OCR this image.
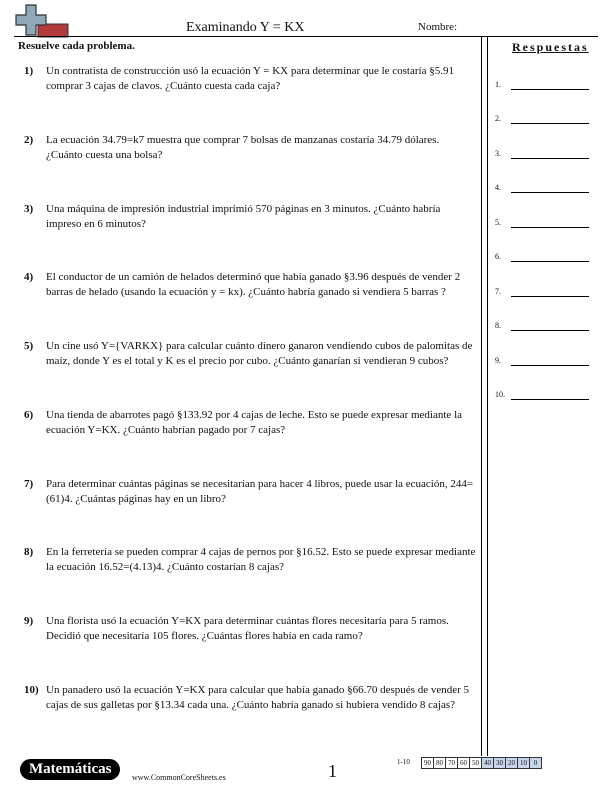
Examinando Y = KX	Nombre:
Resuelve cada problema.	Respuestas
1.
2.
3.
4.
5.
6.
7.
8.
9.
10.
1) Un contratista de construcción usó la ecuación Y = KX para determinar que le costaría §5.91 comprar 3 cajas de clavos. ¿Cuánto cuesta cada caja?
2) La ecuación 34.79=k7 muestra que comprar 7 bolsas de manzanas costaría 34.79 dólares. ¿Cuánto cuesta una bolsa?
3) Una máquina de impresión industrial imprimió 570 páginas en 3 minutos. ¿Cuánto habría impreso en 6 minutos?
4) El conductor de un camión de helados determinó que había ganado §3.96 después de vender 2 barras de helado (usando la ecuación y = kx). ¿Cuánto habría ganado si vendiera 5 barras ?
5) Un cine usó Y={VARKX} para calcular cuánto dinero ganaron vendiendo cubos de palomitas de maíz, donde Y es el total y K es el precio por cubo. ¿Cuánto ganarían si vendieran 9 cubos?
6) Una tienda de abarrotes pagó §133.92 por 4 cajas de leche. Esto se puede expresar mediante la ecuación Y=KX. ¿Cuánto habrían pagado por 7 cajas?
7) Para determinar cuántas páginas se necesitarían para hacer 4 libros, puede usar la ecuación, 244=(61)4. ¿Cuántas páginas hay en un libro?
8) En la ferretería se pueden comprar 4 cajas de pernos por §16.52. Esto se puede expresar mediante la ecuación 16.52=(4.13)4. ¿Cuánto costarían 8 cajas?
9) Una florista usó la ecuación Y=KX para determinar cuántas flores necesitaría para 5 ramos. Decidió que necesitaría 105 flores. ¿Cuántas flores había en cada ramo?
10) Un panadero usó la ecuación Y=KX para calcular que había ganado §66.70 después de vender 5 cajas de sus galletas por §13.34 cada una. ¿Cuánto habría ganado si hubiera vendido 8 cajas?
Matemáticas
www.CommonCoreSheets.es	1	1-10	90 80 70 60 50 40 30 20 10 0
